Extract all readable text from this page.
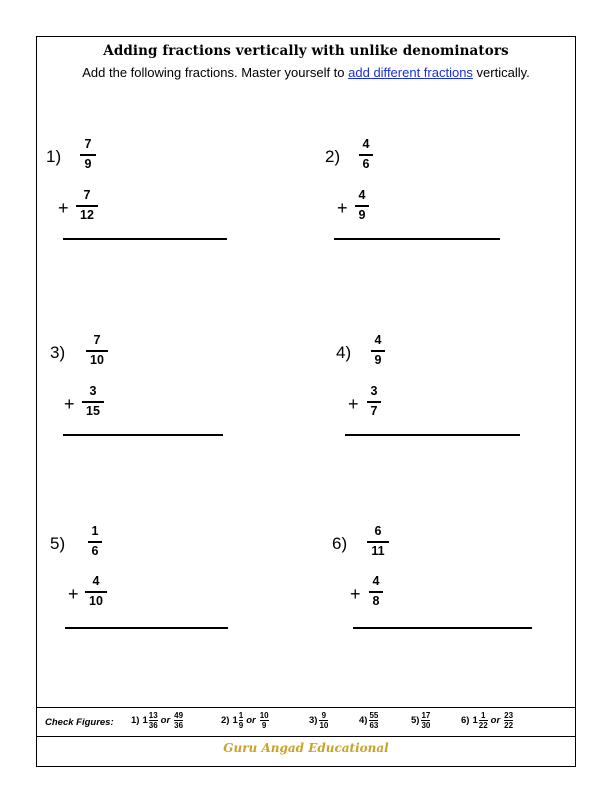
Adding fractions vertically with unlike denominators
Add the following fractions. Master yourself to add different fractions vertically.
1)
7
9
+
7
12
2)
4
6
+
4
9
3)
7
10
+
3
15
4)
4
9
+
3
7
5)
1
6
+
4
10
6)
6
11
+
4
8
Check Figures: 1) 1 13
36 or 49
36	2) 1 1
9 or 10
9	3) 9
10	4) 55
63	5) 17
30	6) 1 1
22 or 23
22
Guru Angad Educational
